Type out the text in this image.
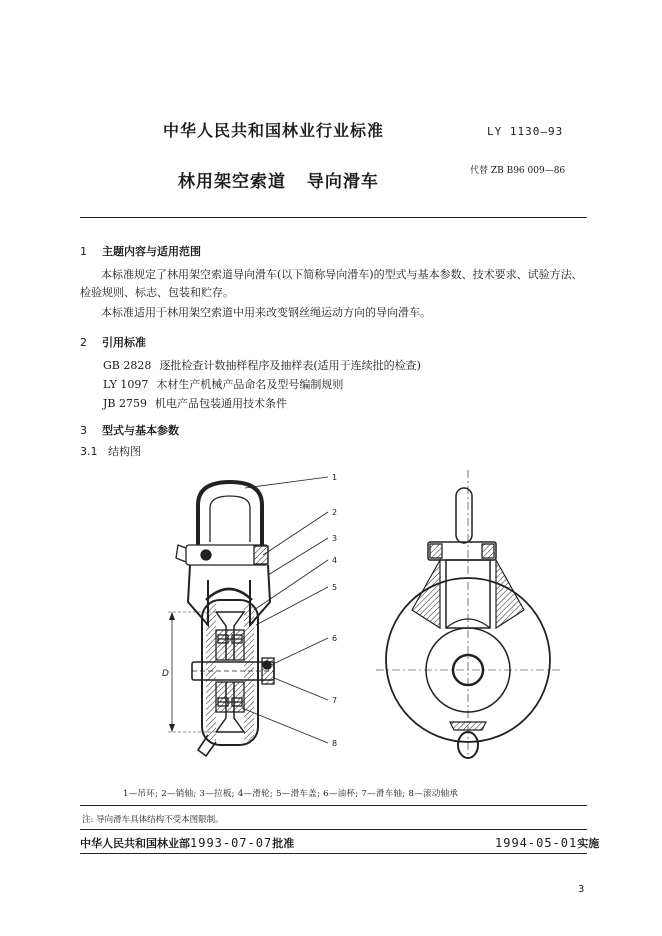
中华人民共和国林业行业标准	LY 1130—93
林用架空索道 导向滑车
代替 ZB B96 009—86
1 主题内容与适用范围
本标准规定了林用架空索道导向滑车(以下简称导向滑车)的型式与基本参数、技术要求、试验方法、检验规则、标志、包装和贮存。
本标准适用于林用架空索道中用来改变钢丝绳运动方向的导向滑车。
2 引用标准
GB 2828 逐批检查计数抽样程序及抽样表(适用于连续批的检查)
LY 1097 木材生产机械产品命名及型号编制规则
JB 2759 机电产品包装通用技术条件
3 型式与基本参数
3.1 结构图
1
2
3
4
5
6
7
8
D
1—吊环; 2—销轴; 3—拉板; 4—滑轮; 5—滑车盖; 6—油杯; 7—滑车轴; 8—滚动轴承
注: 导向滑车具体结构不受本图限制。
中华人民共和国林业部1993-07-07批准	1994-05-01实施
3
